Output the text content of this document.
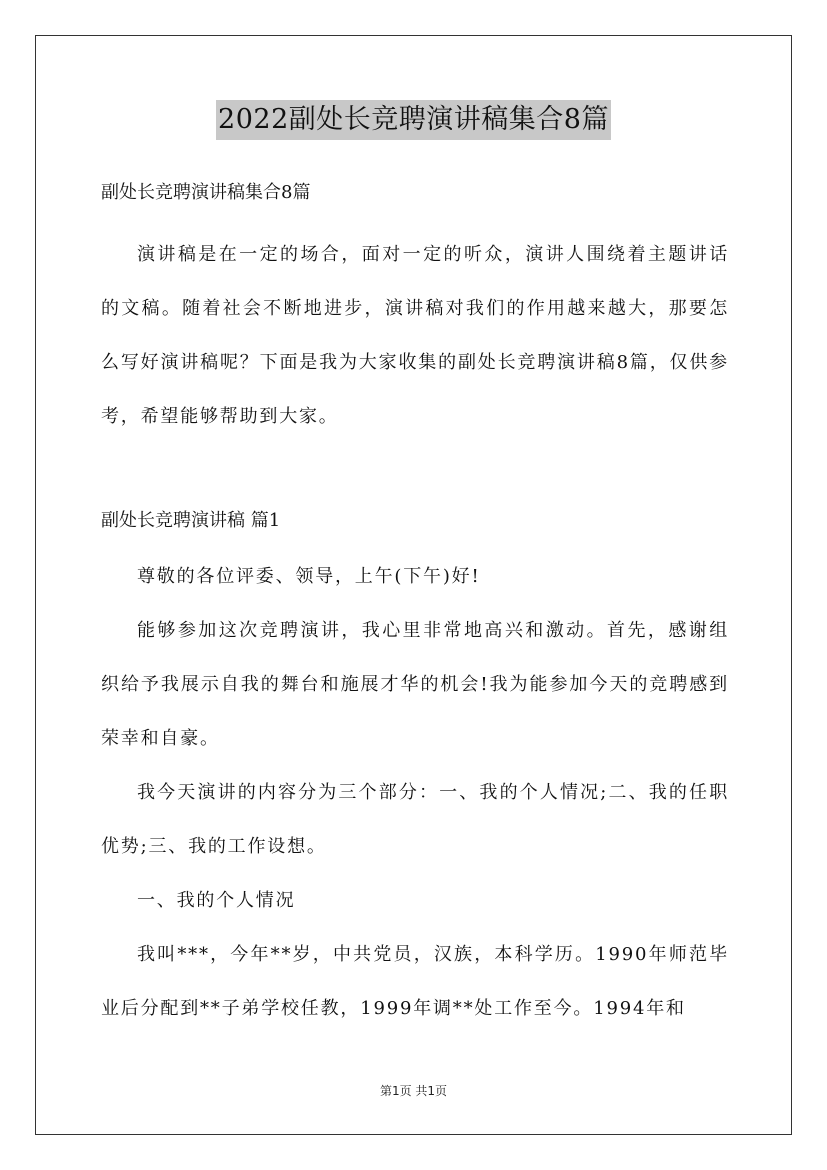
2022副处长竞聘演讲稿集合8篇

副处长竞聘演讲稿集合8篇

演讲稿是在一定的场合，面对一定的听众，演讲人围绕着主题讲话的文稿。随着社会不断地进步，演讲稿对我们的作用越来越大，那要怎么写好演讲稿呢？下面是我为大家收集的副处长竞聘演讲稿8篇，仅供参考，希望能够帮助到大家。

副处长竞聘演讲稿 篇1

尊敬的各位评委、领导，上午(下午)好!

能够参加这次竞聘演讲，我心里非常地高兴和激动。首先，感谢组织给予我展示自我的舞台和施展才华的机会!我为能参加今天的竞聘感到荣幸和自豪。

我今天演讲的内容分为三个部分：一、我的个人情况;二、我的任职优势;三、我的工作设想。

一、我的个人情况

我叫***，今年**岁，中共党员，汉族，本科学历。1990年师范毕业后分配到**子弟学校任教，1999年调**处工作至今。1994年和

第1页 共1页
